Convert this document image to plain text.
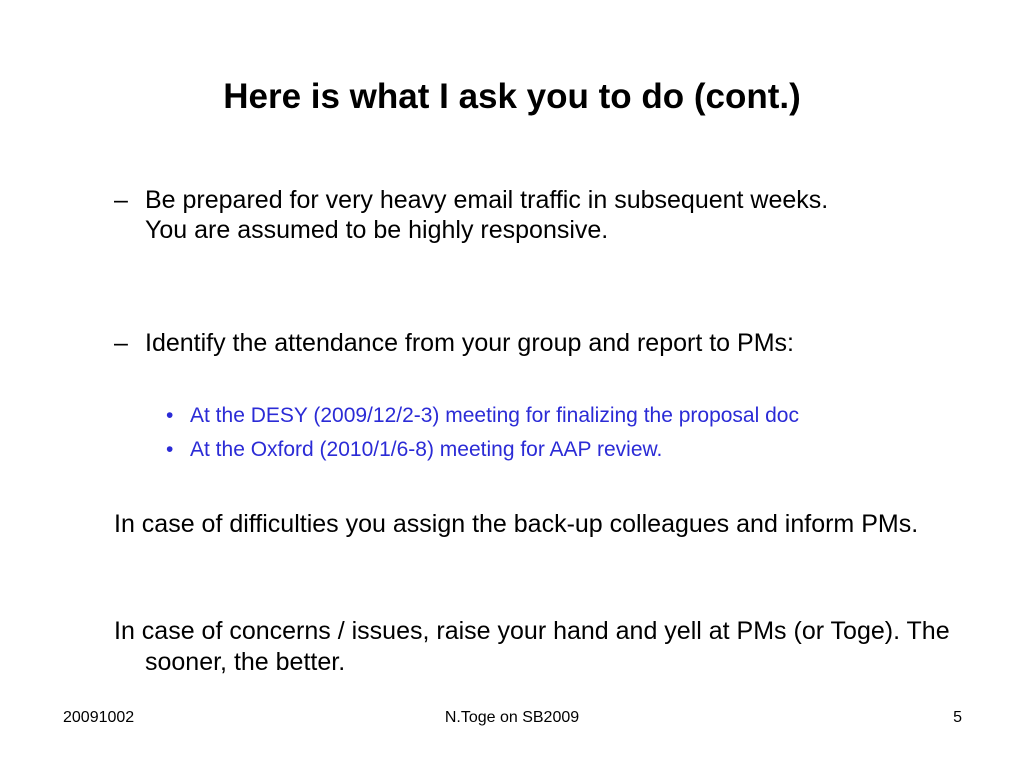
Here is what I ask you to do (cont.)
– Be prepared for very heavy email traffic in subsequent weeks.
You are assumed to be highly responsive.
– Identify the attendance from your group and report to PMs:
• At the DESY (2009/12/2-3) meeting for finalizing the proposal doc
• At the Oxford (2010/1/6-8) meeting for AAP review.
In case of difficulties you assign the back-up colleagues and inform PMs.
In case of concerns / issues, raise your hand and yell at PMs (or Toge). The sooner, the better.
20091002	N.Toge on SB2009	5
